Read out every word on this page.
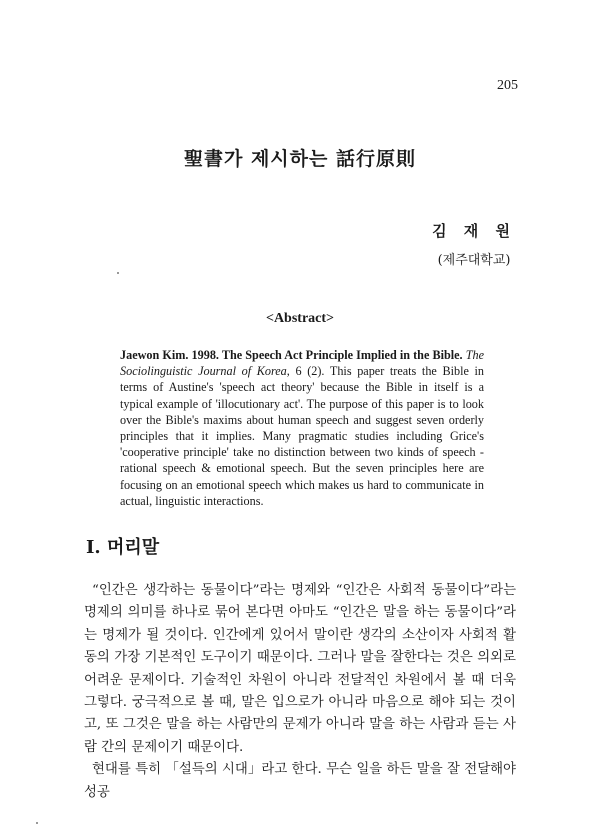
205
聖書가 제시하는 話行原則
김 재 원
(제주대학교)
<Abstract>
Jaewon Kim. 1998. The Speech Act Principle Implied in the Bible. The Sociolinguistic Journal of Korea, 6 (2). This paper treats the Bible in terms of Austine's 'speech act theory' because the Bible in itself is a typical example of 'illocutionary act'. The purpose of this paper is to look over the Bible's maxims about human speech and suggest seven orderly principles that it implies. Many pragmatic studies including Grice's 'cooperative principle' take no distinction between two kinds of speech - rational speech & emotional speech. But the seven principles here are focusing on an emotional speech which makes us hard to communicate in actual, linguistic interactions.
Ⅰ. 머리말

“인간은 생각하는 동물이다”라는 명제와 “인간은 사회적 동물이다”라는 명제의 의미를 하나로 묶어 본다면 아마도 “인간은 말을 하는 동물이다”라는 명제가 될 것이다. 인간에게 있어서 말이란 생각의 소산이자 사회적 활동의 가장 기본적인 도구이기 때문이다. 그러나 말을 잘한다는 것은 의외로 어려운 문제이다. 기술적인 차원이 아니라 전달적인 차원에서 볼 때 더욱 그렇다. 궁극적으로 볼 때, 말은 입으로가 아니라 마음으로 해야 되는 것이고, 또 그것은 말을 하는 사람만의 문제가 아니라 말을 하는 사람과 듣는 사람 간의 문제이기 때문이다.

현대를 특히 「설득의 시대」라고 한다. 무슨 일을 하든 말을 잘 전달해야 성공
